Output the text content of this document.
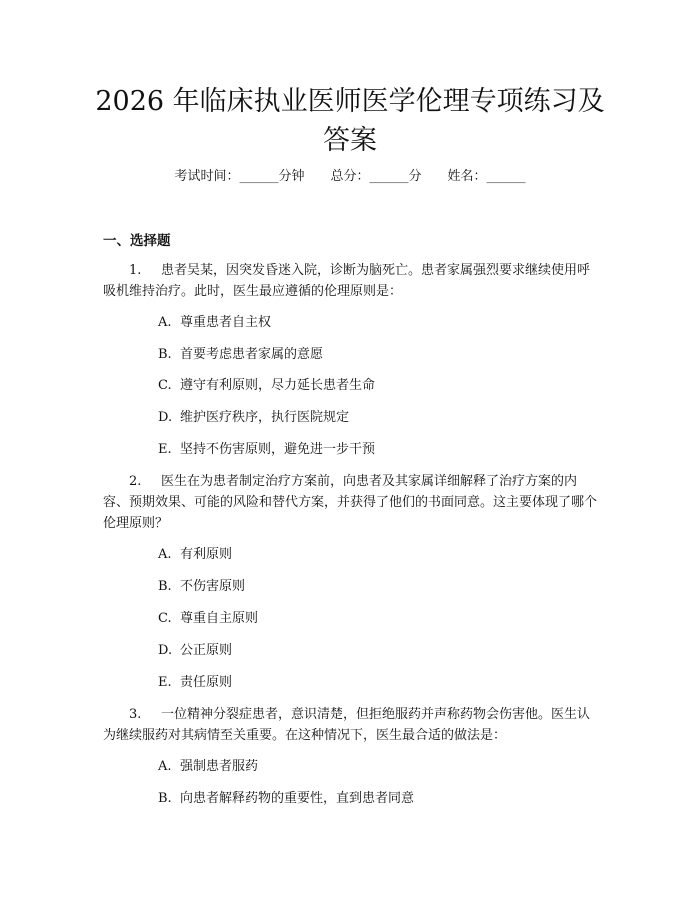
2026 年临床执业医师医学伦理专项练习及答案
考试时间：______分钟 总分：______分 姓名：______
一、选择题

1. 患者吴某，因突发昏迷入院，诊断为脑死亡。患者家属强烈要求继续使用呼吸机维持治疗。此时，医生最应遵循的伦理原则是：

A. 尊重患者自主权
B. 首要考虑患者家属的意愿
C. 遵守有利原则，尽力延长患者生命
D. 维护医疗秩序，执行医院规定
E. 坚持不伤害原则，避免进一步干预

2. 医生在为患者制定治疗方案前，向患者及其家属详细解释了治疗方案的内容、预期效果、可能的风险和替代方案，并获得了他们的书面同意。这主要体现了哪个伦理原则？

A. 有利原则
B. 不伤害原则
C. 尊重自主原则
D. 公正原则
E. 责任原则

3. 一位精神分裂症患者，意识清楚，但拒绝服药并声称药物会伤害他。医生认为继续服药对其病情至关重要。在这种情况下，医生最合适的做法是：

A. 强制患者服药
B. 向患者解释药物的重要性，直到患者同意
